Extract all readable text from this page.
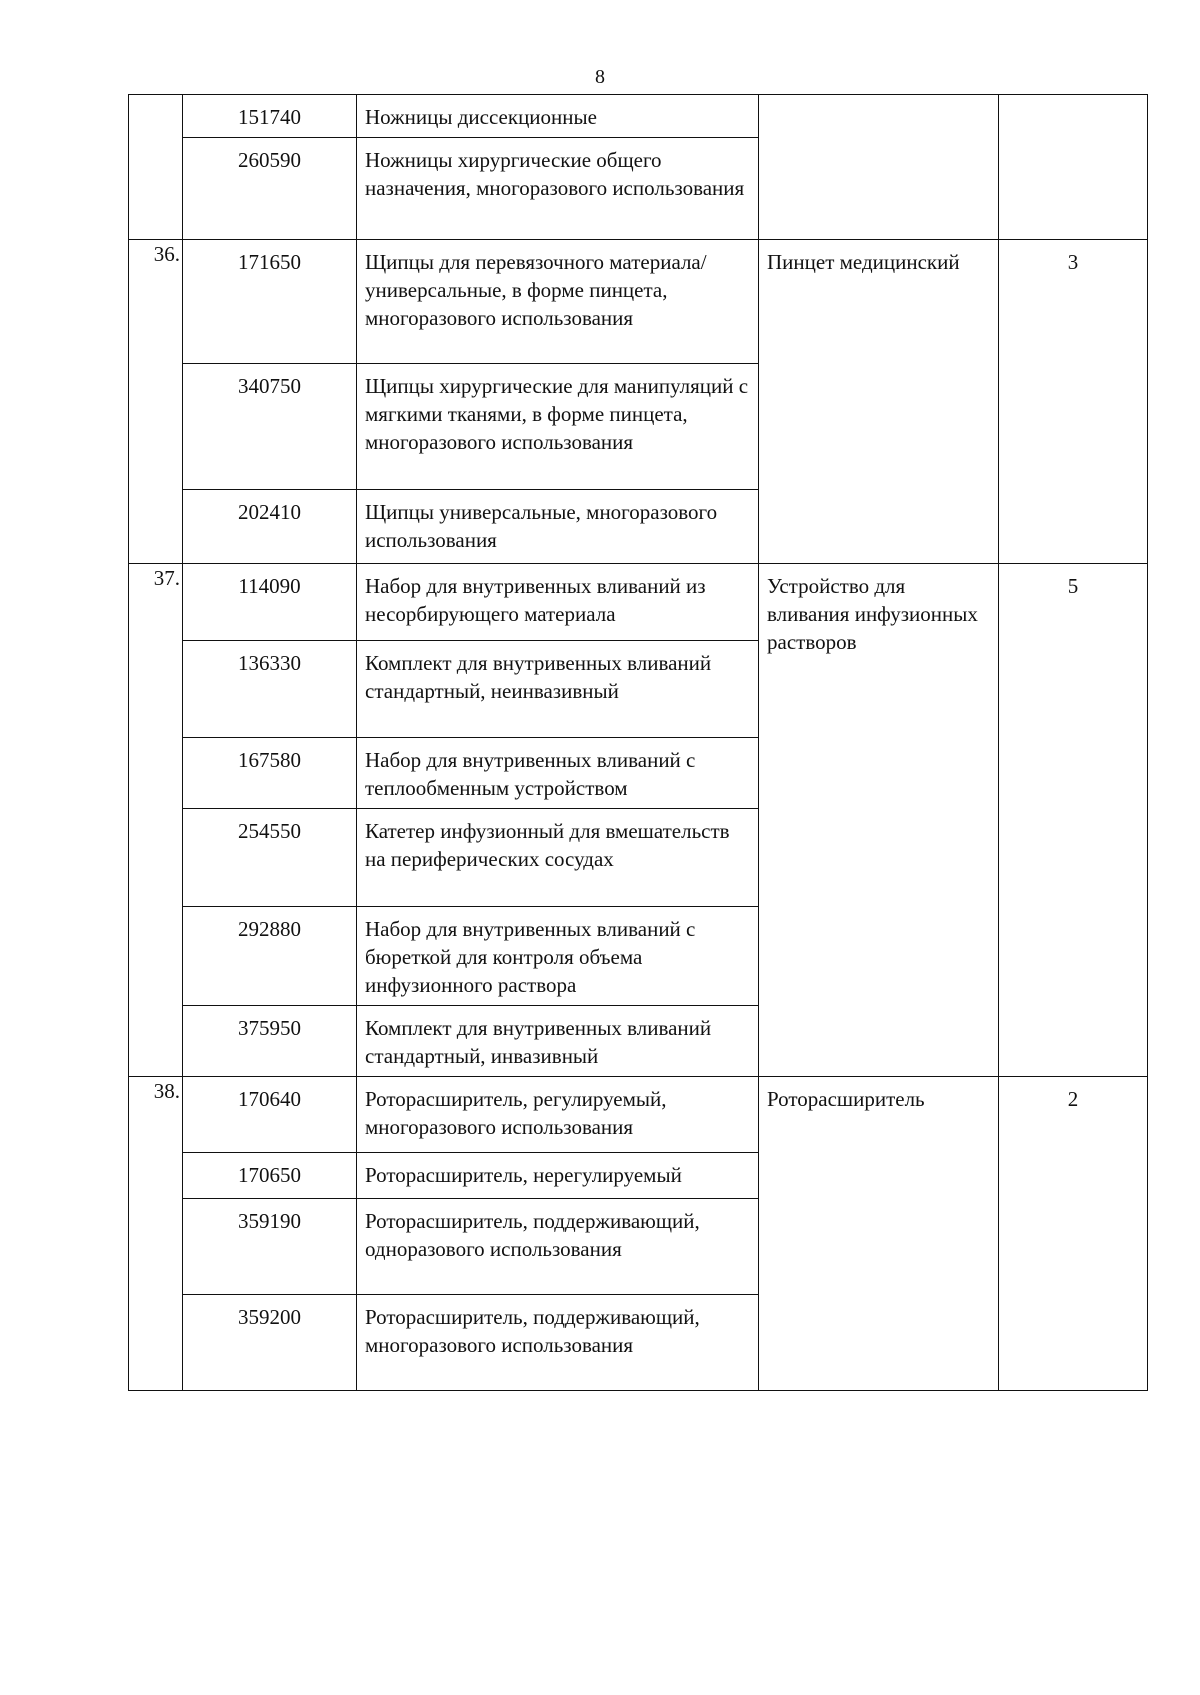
8
	151740	Ножницы диссекционные		
	260590	Ножницы хирургические общего назначения, многоразового использования		
36.	171650	Щипцы для перевязочного материала/универсальные, в форме пинцета, многоразового использования	Пинцет медицинский	3
	340750	Щипцы хирургические для манипуляций с мягкими тканями, в форме пинцета, многоразового использования		
	202410	Щипцы универсальные, многоразового использования		
37.	114090	Набор для внутривенных вливаний из несорбирующего материала	Устройство для вливания инфузионных растворов	5
	136330	Комплект для внутривенных вливаний стандартный, неинвазивный		
	167580	Набор для внутривенных вливаний с теплообменным устройством		
	254550	Катетер инфузионный для вмешательств на периферических сосудах		
	292880	Набор для внутривенных вливаний с бюреткой для контроля объема инфузионного раствора		
	375950	Комплект для внутривенных вливаний стандартный, инвазивный		
38.	170640	Роторасширитель, регулируемый, многоразового использования	Роторасширитель	2
	170650	Роторасширитель, нерегулируемый		
	359190	Роторасширитель, поддерживающий, одноразового использования		
	359200	Роторасширитель, поддерживающий, многоразового использования		
